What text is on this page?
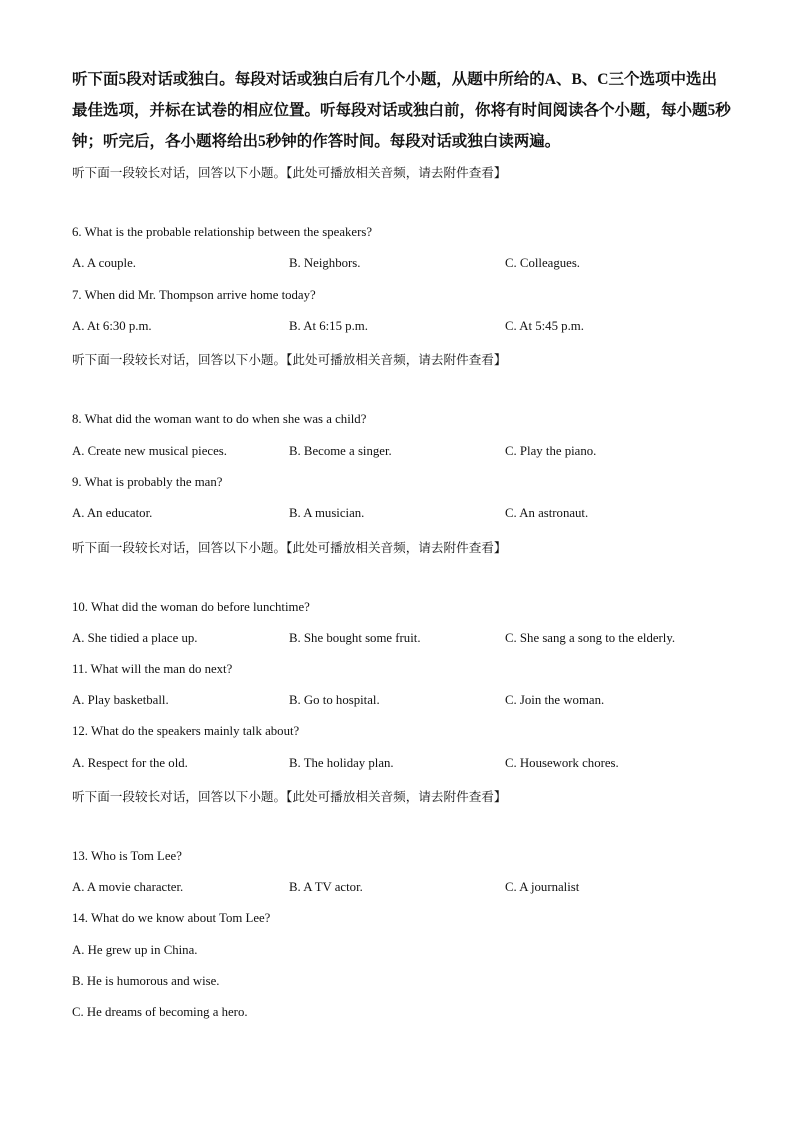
听下面5段对话或独白。每段对话或独白后有几个小题，从题中所给的A、B、C三个选项中选出最佳选项，并标在试卷的相应位置。听每段对话或独白前，你将有时间阅读各个小题，每小题5秒钟；听完后，各小题将给出5秒钟的作答时间。每段对话或独白读两遍。
听下面一段较长对话，回答以下小题。【此处可播放相关音频，请去附件查看】
6. What is the probable relationship between the speakers?
A. A couple.	B. Neighbors.	C. Colleagues.
7. When did Mr. Thompson arrive home today?
A. At 6:30 p.m.	B. At 6:15 p.m.	C. At 5:45 p.m.
听下面一段较长对话，回答以下小题。【此处可播放相关音频，请去附件查看】
8. What did the woman want to do when she was a child?
A. Create new musical pieces.	B. Become a singer.	C. Play the piano.
9. What is probably the man?
A. An educator.	B. A musician.	C. An astronaut.
听下面一段较长对话，回答以下小题。【此处可播放相关音频，请去附件查看】
10. What did the woman do before lunchtime?
A. She tidied a place up.	B. She bought some fruit.	C. She sang a song to the elderly.
11. What will the man do next?
A. Play basketball.	B. Go to hospital.	C. Join the woman.
12. What do the speakers mainly talk about?
A. Respect for the old.	B. The holiday plan.	C. Housework chores.
听下面一段较长对话，回答以下小题。【此处可播放相关音频，请去附件查看】
13. Who is Tom Lee?
A. A movie character.	B. A TV actor.	C. A journalist
14. What do we know about Tom Lee?
A. He grew up in China.
B. He is humorous and wise.
C. He dreams of becoming a hero.
